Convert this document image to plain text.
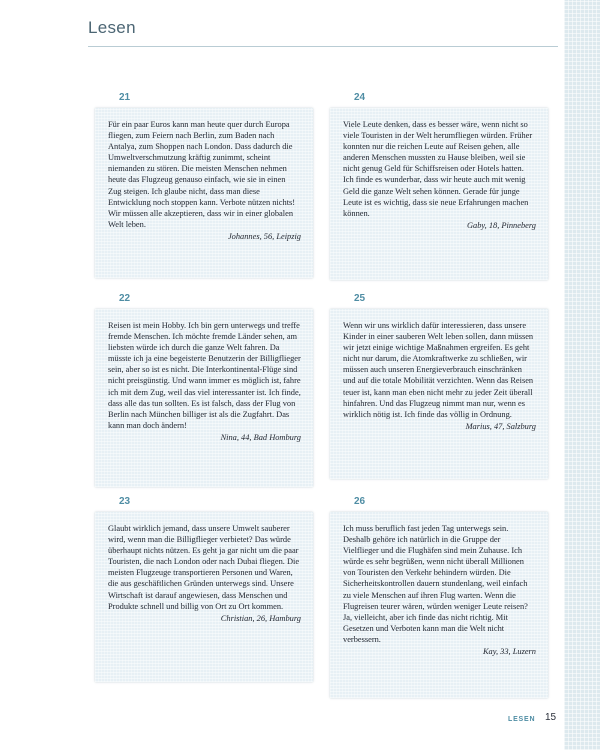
Lesen
21

Für ein paar Euros kann man heute quer durch Europa fliegen, zum Feiern nach Berlin, zum Baden nach Antalya, zum Shoppen nach London. Dass dadurch die Umweltverschmutzung kräftig zunimmt, scheint niemanden zu stören. Die meisten Menschen nehmen heute das Flugzeug genauso einfach, wie sie in einen Zug steigen. Ich glaube nicht, dass man diese Entwicklung noch stoppen kann. Verbote nützen nichts! Wir müssen alle akzeptieren, dass wir in einer globalen Welt leben.

Johannes, 56, Leipzig
24

Viele Leute denken, dass es besser wäre, wenn nicht so viele Touristen in der Welt herumfliegen würden. Früher konnten nur die reichen Leute auf Reisen gehen, alle anderen Menschen mussten zu Hause bleiben, weil sie nicht genug Geld für Schiffsreisen oder Hotels hatten. Ich finde es wunderbar, dass wir heute auch mit wenig Geld die ganze Welt sehen können. Gerade für junge Leute ist es wichtig, dass sie neue Erfahrungen machen können.

Gaby, 18, Pinneberg
22

Reisen ist mein Hobby. Ich bin gern unterwegs und treffe fremde Menschen. Ich möchte fremde Länder sehen, am liebsten würde ich durch die ganze Welt fahren. Da müsste ich ja eine begeisterte Benutzerin der Billigflieger sein, aber so ist es nicht. Die Interkontinental-Flüge sind nicht preisgünstig. Und wann immer es möglich ist, fahre ich mit dem Zug, weil das viel interessanter ist. Ich finde, dass alle das tun sollten. Es ist falsch, dass der Flug von Berlin nach München billiger ist als die Zugfahrt. Das kann man doch ändern!

Nina, 44, Bad Homburg
25

Wenn wir uns wirklich dafür interessieren, dass unsere Kinder in einer sauberen Welt leben sollen, dann müssen wir jetzt einige wichtige Maßnahmen ergreifen. Es geht nicht nur darum, die Atomkraftwerke zu schließen, wir müssen auch unseren Energieverbrauch einschränken und auf die totale Mobilität verzichten. Wenn das Reisen teuer ist, kann man eben nicht mehr zu jeder Zeit überall hinfahren. Und das Flugzeug nimmt man nur, wenn es wirklich nötig ist. Ich finde das völlig in Ordnung.

Marius, 47, Salzburg
23

Glaubt wirklich jemand, dass unsere Umwelt sauberer wird, wenn man die Billigflieger verbietet? Das würde überhaupt nichts nützen. Es geht ja gar nicht um die paar Touristen, die nach London oder nach Dubai fliegen. Die meisten Flugzeuge transportieren Personen und Waren, die aus geschäftlichen Gründen unterwegs sind. Unsere Wirtschaft ist darauf angewiesen, dass Menschen und Produkte schnell und billig von Ort zu Ort kommen.

Christian, 26, Hamburg
26

Ich muss beruflich fast jeden Tag unterwegs sein. Deshalb gehöre ich natürlich in die Gruppe der Vielflieger und die Flughäfen sind mein Zuhause. Ich würde es sehr begrüßen, wenn nicht überall Millionen von Touristen den Verkehr behindern würden. Die Sicherheitskontrollen dauern stundenlang, weil einfach zu viele Menschen auf ihren Flug warten. Wenn die Flugreisen teurer wären, würden weniger Leute reisen? Ja, vielleicht, aber ich finde das nicht richtig. Mit Gesetzen und Verboten kann man die Welt nicht verbessern.

Kay, 33, Luzern
LESEN 15
